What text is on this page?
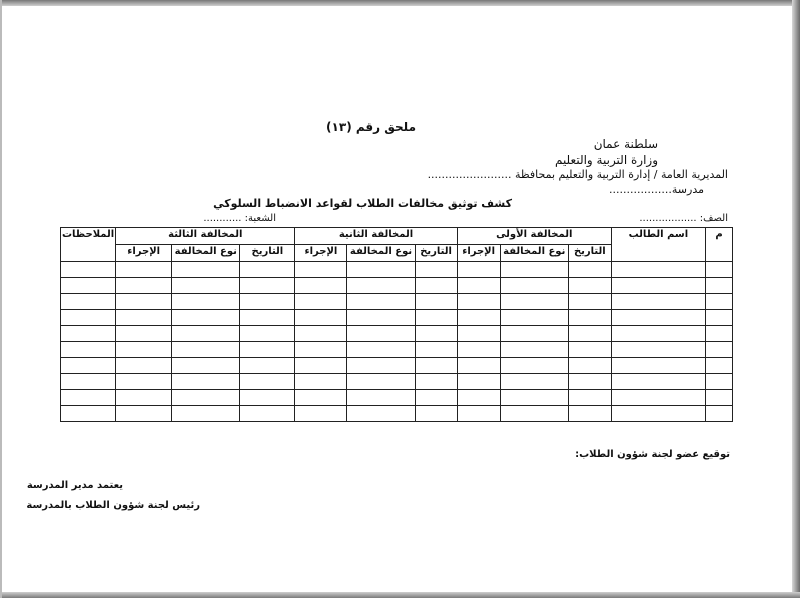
ملحق رقم (١٣)
سلطنة عمان
وزارة التربية والتعليم
المديرية العامة / إدارة التربية والتعليم بمحافظة ........................
مدرسة..................
كشف توثيق مخالفات الطلاب لقواعد الانضباط السلوكي
الصف: ..................
الشعبة: ............
م	اسم الطالب	المخالفة الأولى			المخالفة الثانية			المخالفة الثالثة			الملاحظات
		التاريخ	نوع المخالفة	الإجراء	التاريخ	نوع المخالفة	الإجراء	التاريخ	نوع المخالفة	الإجراء	

توقيع عضو لجنة شؤون الطلاب:
يعتمد مدير المدرسة
رئيس لجنة شؤون الطلاب بالمدرسة
